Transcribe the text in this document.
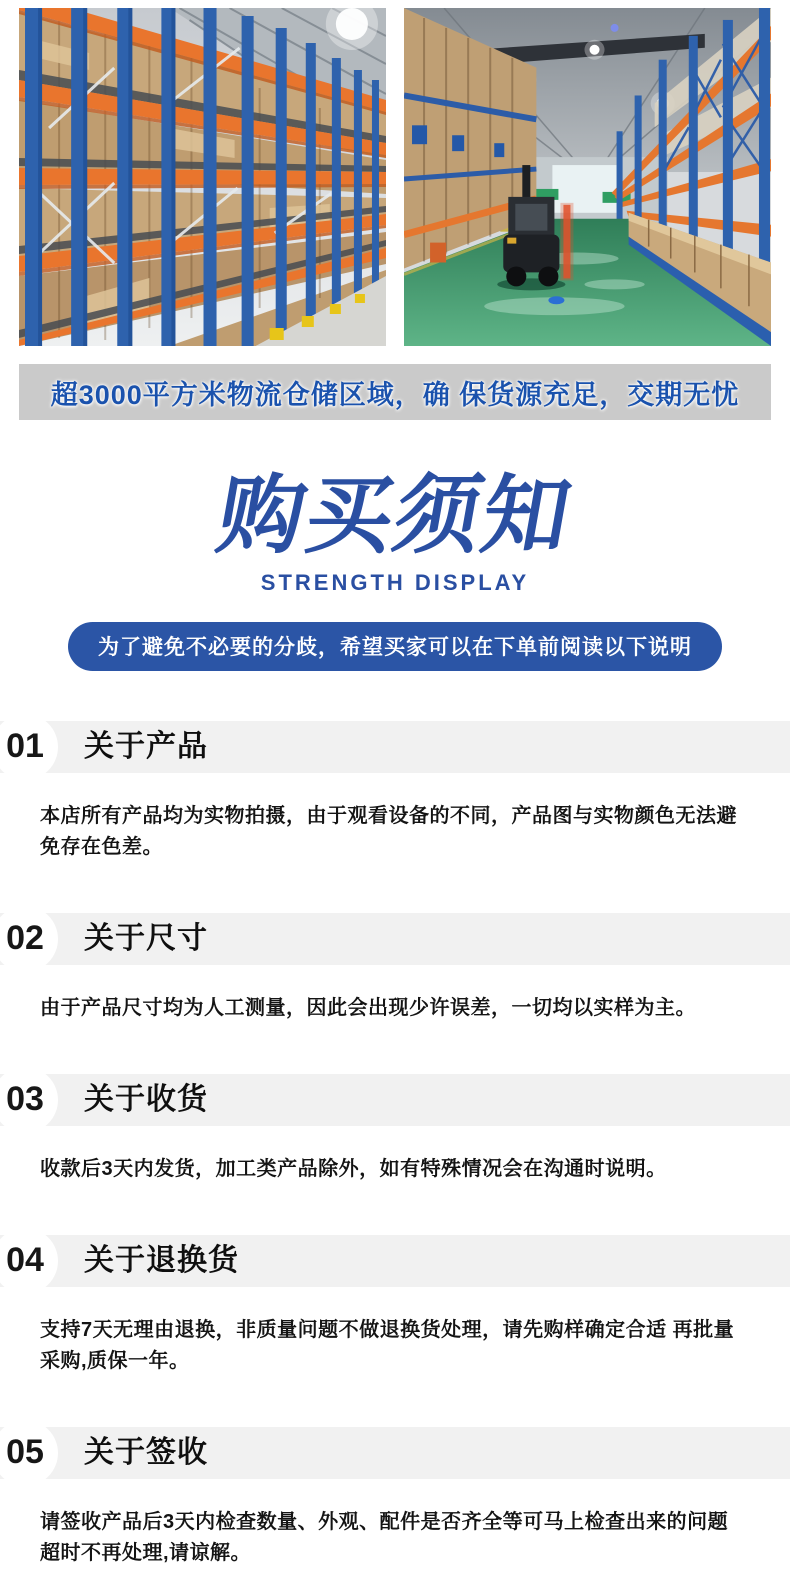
超3000平方米物流仓储区域，确 保货源充足，交期无忧
购买须知
STRENGTH DISPLAY
为了避免不必要的分歧，希望买家可以在下单前阅读以下说明
01	关于产品
本店所有产品均为实物拍摄，由于观看设备的不同，产品图与实物颜色无法避免存在色差。
02	关于尺寸
由于产品尺寸均为人工测量，因此会出现少许误差，一切均以实样为主。
03	关于收货
收款后3天内发货，加工类产品除外，如有特殊情况会在沟通时说明。
04	关于退换货
支持7天无理由退换，非质量问题不做退换货处理，请先购样确定合适 再批量采购,质保一年。
05	关于签收
请签收产品后3天内检查数量、外观、配件是否齐全等可马上检查出来的问题 超时不再处理,请谅解。
